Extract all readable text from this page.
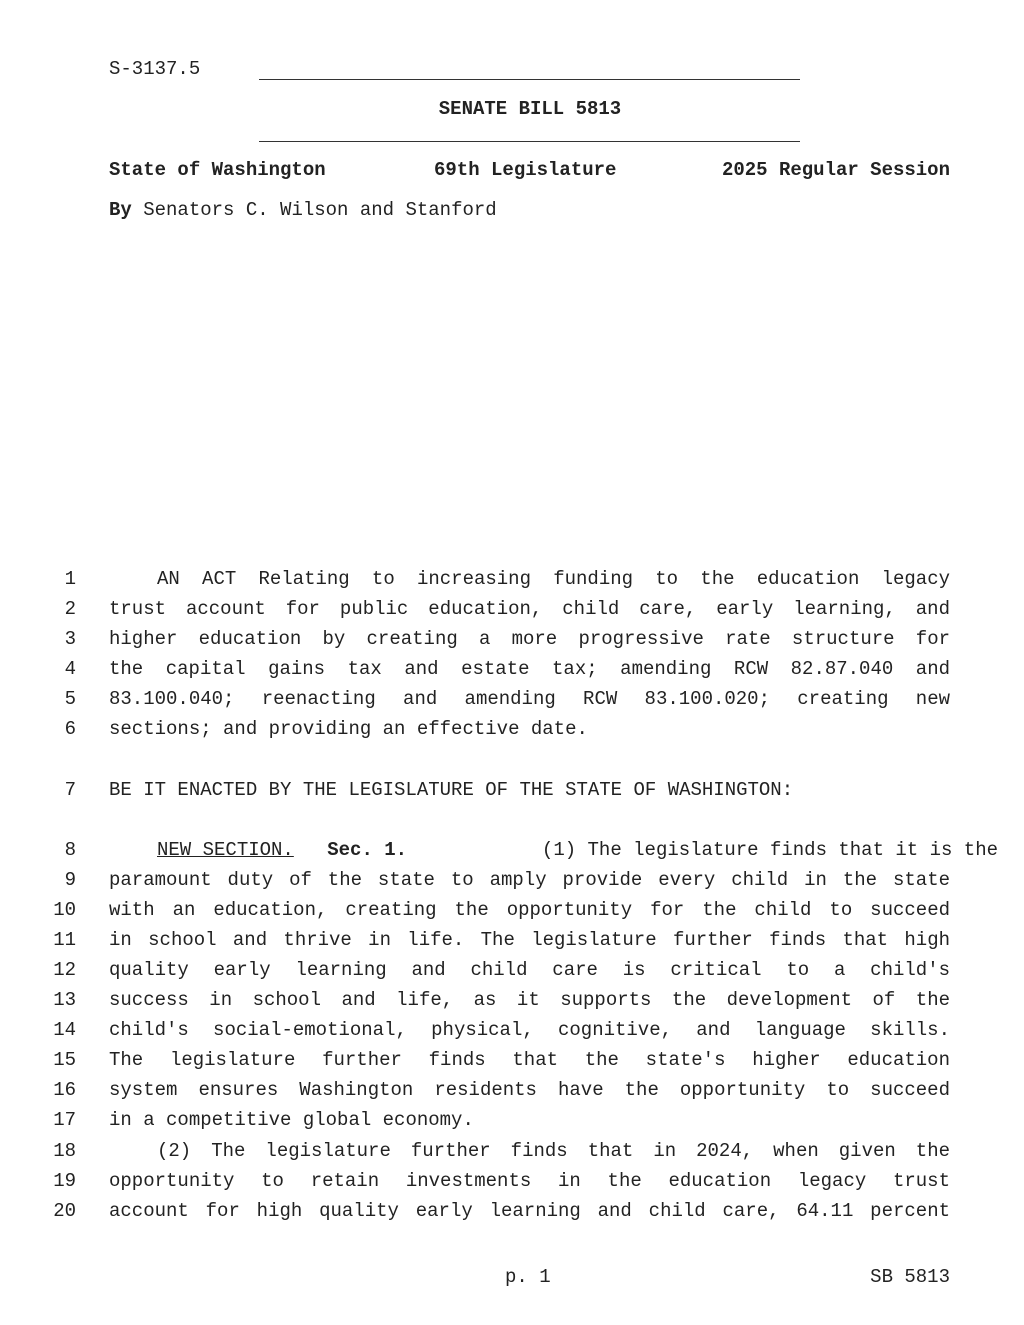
S-3137.5
SENATE BILL 5813
State of Washington	69th Legislature	2025 Regular Session
By Senators C. Wilson and Stanford
1	AN ACT Relating to increasing funding to the education legacy
2 trust account for public education, child care, early learning, and
3 higher education by creating a more progressive rate structure for
4 the capital gains tax and estate tax; amending RCW 82.87.040 and
5 83.100.040; reenacting and amending RCW 83.100.020; creating new
6 sections; and providing an effective date.
7 BE IT ENACTED BY THE LEGISLATURE OF THE STATE OF WASHINGTON:
8	NEW SECTION. Sec. 1.	(1) The legislature finds that it is the
9 paramount duty of the state to amply provide every child in the state
10 with an education, creating the opportunity for the child to succeed
11 in school and thrive in life. The legislature further finds that high
12 quality early learning and child care is critical to a child's
13 success in school and life, as it supports the development of the
14 child's social-emotional, physical, cognitive, and language skills.
15 The legislature further finds that the state's higher education
16 system ensures Washington residents have the opportunity to succeed
17 in a competitive global economy.
18	(2) The legislature further finds that in 2024, when given the
19 opportunity to retain investments in the education legacy trust
20 account for high quality early learning and child care, 64.11 percent
p. 1	SB 5813
